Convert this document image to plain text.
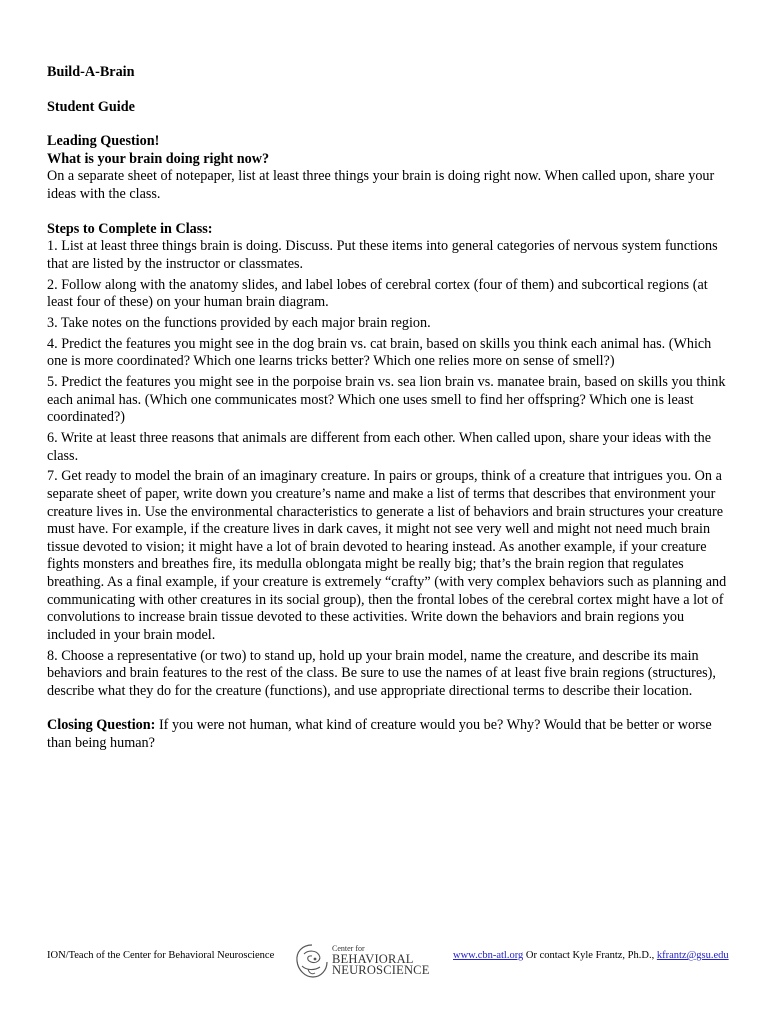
Build-A-Brain

Student Guide

Leading Question!

What is your brain doing right now?

On a separate sheet of notepaper, list at least three things your brain is doing right now. When called upon, share your ideas with the class.

Steps to Complete in Class:

1. List at least three things brain is doing. Discuss. Put these items into general categories of nervous system functions that are listed by the instructor or classmates.

2. Follow along with the anatomy slides, and label lobes of cerebral cortex (four of them) and subcortical regions (at least four of these) on your human brain diagram.

3. Take notes on the functions provided by each major brain region.

4. Predict the features you might see in the dog brain vs. cat brain, based on skills you think each animal has. (Which one is more coordinated? Which one learns tricks better? Which one relies more on sense of smell?)

5. Predict the features you might see in the porpoise brain vs. sea lion brain vs. manatee brain, based on skills you think each animal has. (Which one communicates most? Which one uses smell to find her offspring? Which one is least coordinated?)

6. Write at least three reasons that animals are different from each other. When called upon, share your ideas with the class.

7. Get ready to model the brain of an imaginary creature. In pairs or groups, think of a creature that intrigues you. On a separate sheet of paper, write down you creature’s name and make a list of terms that describes that environment your creature lives in. Use the environmental characteristics to generate a list of behaviors and brain structures your creature must have. For example, if the creature lives in dark caves, it might not see very well and might not need much brain tissue devoted to vision; it might have a lot of brain devoted to hearing instead. As another example, if your creature fights monsters and breathes fire, its medulla oblongata might be really big; that’s the brain region that regulates breathing. As a final example, if your creature is extremely “crafty” (with very complex behaviors such as planning and communicating with other creatures in its social group), then the frontal lobes of the cerebral cortex might have a lot of convolutions to increase brain tissue devoted to these activities. Write down the behaviors and brain regions you included in your brain model.

8. Choose a representative (or two) to stand up, hold up your brain model, name the creature, and describe its main behaviors and brain features to the rest of the class. Be sure to use the names of at least five brain regions (structures), describe what they do for the creature (functions), and use appropriate directional terms to describe their location.

Closing Question: If you were not human, what kind of creature would you be? Why? Would that be better or worse than being human?

ION/Teach of the Center for Behavioral Neuroscience
Center for
BEHAVIORAL
NEUROSCIENCE
www.cbn-atl.org Or contact Kyle Frantz, Ph.D., kfrantz@gsu.edu
